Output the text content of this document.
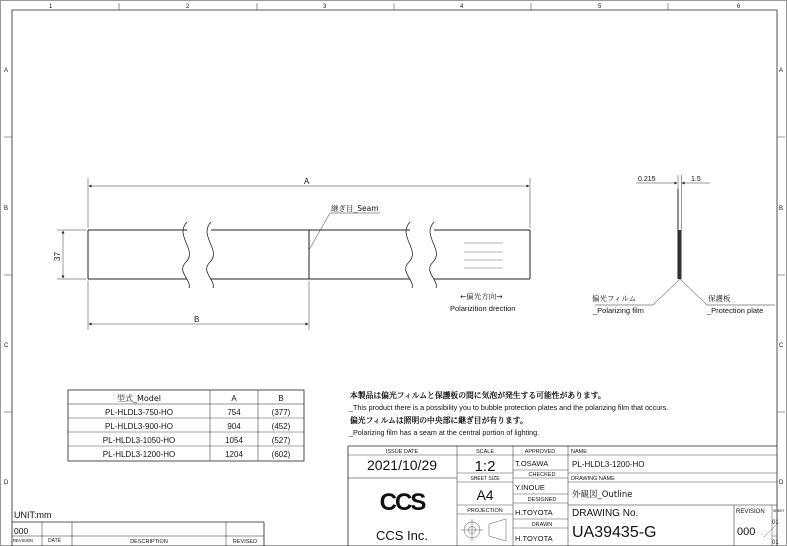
1	2	3	4	5	6
A
B
C
D
A
B
C
D
A
B
37
継ぎ目_Seam
←偏光方向→
Polarizition drection
0.215	1.5
偏光フィルム
_Polarizing film
保護板
_Protection plate
型式_Model	A	B
PL-HLDL3-750-HO	754	(377)
PL-HLDL3-900-HO	904	(452)
PL-HLDL3-1050-HO	1054	(527)
PL-HLDL3-1200-HO	1204	(602)
本製品は偏光フィルムと保護板の間に気泡が発生する可能性があります。
_This product there is a possibility you to bubble protection plates and the polarizing film that occurs.
偏光フィルムは照明の中央部に継ぎ目が有ります。
_Polarizing film has a seam at the central portion of lighting.
UNIT:mm
000
REVISION	DATE	DESCRIPTION	REVISED
ISSUE DATE
2021/10/29
SCALE
1:2
SHEET SIZE
A4
PROJECTION
APPROVED
T.OSAWA
CHECKED
Y.INOUE
DESIGNED
H.TOYOTA
DRAWN
H.TOYOTA
NAME
PL-HLDL3-1200-HO
DRAWING NAME
外観図_Outline
DRAWING No.
UA39435-G
REVISION
000
SHEET
01
01
CCS
CCS Inc.
